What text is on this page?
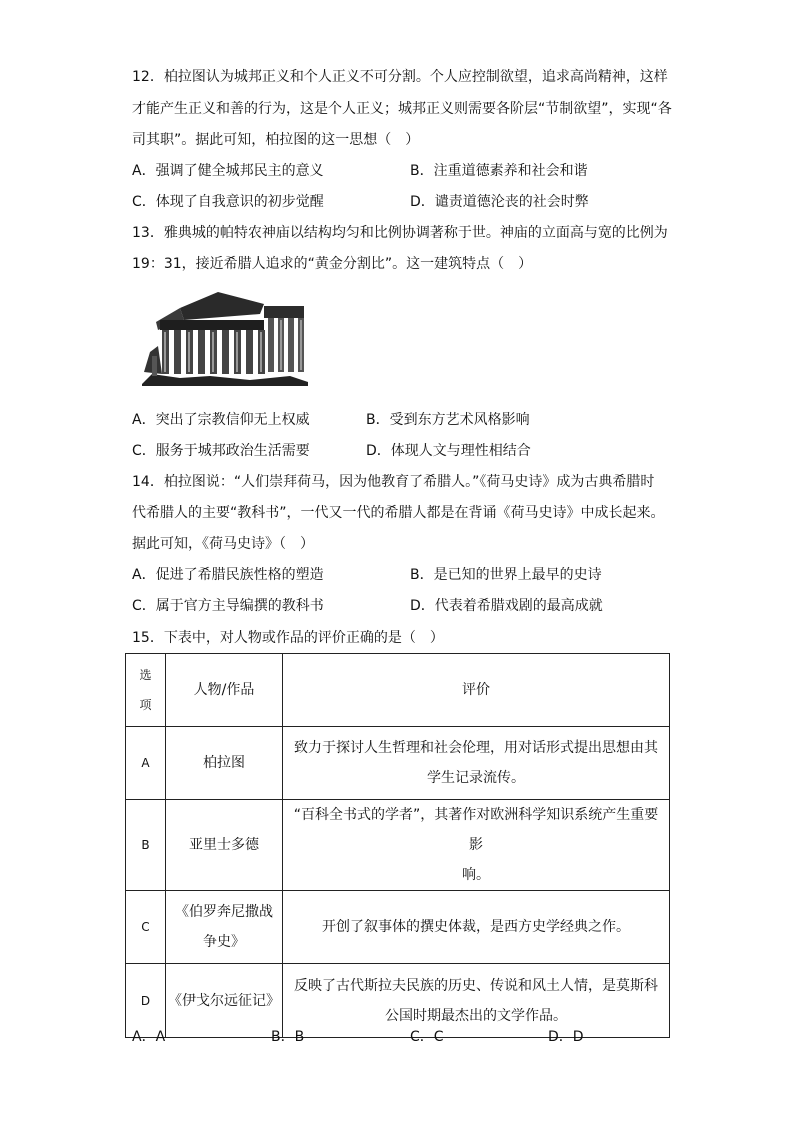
12．柏拉图认为城邦正义和个人正义不可分割。个人应控制欲望，追求高尚精神，这样
才能产生正义和善的行为，这是个人正义；城邦正义则需要各阶层“节制欲望”，实现“各
司其职”。据此可知，柏拉图的这一思想（　）
A．强调了健全城邦民主的意义	B．注重道德素养和社会和谐
C．体现了自我意识的初步觉醒	D．谴责道德沦丧的社会时弊
13．雅典城的帕特农神庙以结构均匀和比例协调著称于世。神庙的立面高与宽的比例为
19：31，接近希腊人追求的“黄金分割比”。这一建筑特点（　）
A．突出了宗教信仰无上权威	B．受到东方艺术风格影响
C．服务于城邦政治生活需要	D．体现人文与理性相结合
14．柏拉图说：“人们崇拜荷马，因为他教育了希腊人。”《荷马史诗》成为古典希腊时
代希腊人的主要“教科书”，一代又一代的希腊人都是在背诵《荷马史诗》中成长起来。
据此可知，《荷马史诗》（　）
A．促进了希腊民族性格的塑造	B．是已知的世界上最早的史诗
C．属于官方主导编撰的教科书	D．代表着希腊戏剧的最高成就
15．下表中，对人物或作品的评价正确的是（　）
选
项	人物/作品	评价
A	柏拉图	致力于探讨人生哲理和社会伦理，用对话形式提出思想由其
学生记录流传。

B	亚里士多德	“百科全书式的学者”，其著作对欧洲科学知识系统产生重要影
响。

C	《伯罗奔尼撒战
争史》	开创了叙事体的撰史体裁，是西方史学经典之作。
D	《伊戈尔远征记》	反映了古代斯拉夫民族的历史、传说和风土人情，是莫斯科
公国时期最杰出的文学作品。
A．A	B．B	C．C	D．D
